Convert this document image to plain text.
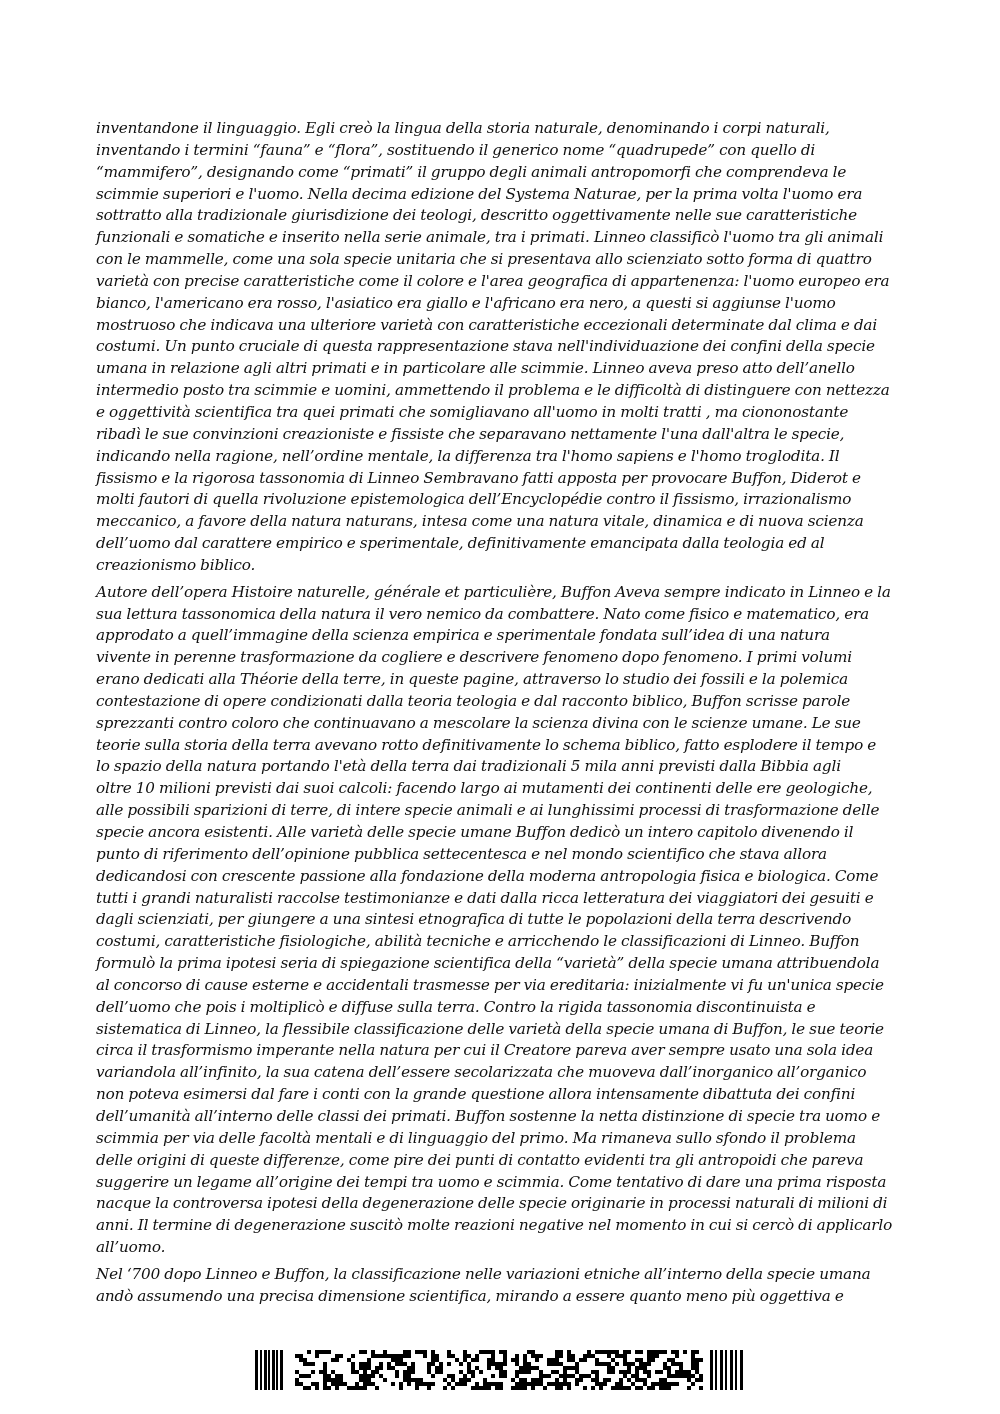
inventandone il linguaggio. Egli creò la lingua della storia naturale, denominando i corpi naturali,
inventando i termini “fauna” e “flora”, sostituendo il generico nome “quadrupede” con quello di
“mammifero”, designando come “primati” il gruppo degli animali antropomorfi che comprendeva le
scimmie superiori e l'uomo. Nella decima edizione del Systema Naturae, per la prima volta l'uomo era
sottratto alla tradizionale giurisdizione dei teologi, descritto oggettivamente nelle sue caratteristiche
funzionali e somatiche e inserito nella serie animale, tra i primati. Linneo classificò l'uomo tra gli animali
con le mammelle, come una sola specie unitaria che si presentava allo scienziato sotto forma di quattro
varietà con precise caratteristiche come il colore e l'area geografica di appartenenza: l'uomo europeo era
bianco, l'americano era rosso, l'asiatico era giallo e l'africano era nero, a questi si aggiunse l'uomo
mostruoso che indicava una ulteriore varietà con caratteristiche eccezionali determinate dal clima e dai
costumi. Un punto cruciale di questa rappresentazione stava nell'individuazione dei confini della specie
umana in relazione agli altri primati e in particolare alle scimmie. Linneo aveva preso atto dell’anello
intermedio posto tra scimmie e uomini, ammettendo il problema e le difficoltà di distinguere con nettezza
e oggettività scientifica tra quei primati che somigliavano all'uomo in molti tratti , ma ciononostante
ribadì le sue convinzioni creazioniste e fissiste che separavano nettamente l'una dall'altra le specie,
indicando nella ragione, nell’ordine mentale, la differenza tra l'homo sapiens e l'homo troglodita. Il
fissismo e la rigorosa tassonomia di Linneo Sembravano fatti apposta per provocare Buffon, Diderot e
molti fautori di quella rivoluzione epistemologica dell’Encyclopédie contro il fissismo, irrazionalismo
meccanico, a favore della natura naturans, intesa come una natura vitale, dinamica e di nuova scienza
dell’uomo dal carattere empirico e sperimentale, definitivamente emancipata dalla teologia ed al
creazionismo biblico.

Autore dell’opera Histoire naturelle, générale et particulière, Buffon Aveva sempre indicato in Linneo e la
sua lettura tassonomica della natura il vero nemico da combattere. Nato come fisico e matematico, era
approdato a quell’immagine della scienza empirica e sperimentale fondata sull’idea di una natura
vivente in perenne trasformazione da cogliere e descrivere fenomeno dopo fenomeno. I primi volumi
erano dedicati alla Théorie della terre, in queste pagine, attraverso lo studio dei fossili e la polemica
contestazione di opere condizionati dalla teoria teologia e dal racconto biblico, Buffon scrisse parole
sprezzanti contro coloro che continuavano a mescolare la scienza divina con le scienze umane. Le sue
teorie sulla storia della terra avevano rotto definitivamente lo schema biblico, fatto esplodere il tempo e
lo spazio della natura portando l'età della terra dai tradizionali 5 mila anni previsti dalla Bibbia agli
oltre 10 milioni previsti dai suoi calcoli: facendo largo ai mutamenti dei continenti delle ere geologiche,
alle possibili sparizioni di terre, di intere specie animali e ai lunghissimi processi di trasformazione delle
specie ancora esistenti. Alle varietà delle specie umane Buffon dedicò un intero capitolo divenendo il
punto di riferimento dell’opinione pubblica settecentesca e nel mondo scientifico che stava allora
dedicandosi con crescente passione alla fondazione della moderna antropologia fisica e biologica. Come
tutti i grandi naturalisti raccolse testimonianze e dati dalla ricca letteratura dei viaggiatori dei gesuiti e
dagli scienziati, per giungere a una sintesi etnografica di tutte le popolazioni della terra descrivendo
costumi, caratteristiche fisiologiche, abilità tecniche e arricchendo le classificazioni di Linneo. Buffon
formulò la prima ipotesi seria di spiegazione scientifica della “varietà” della specie umana attribuendola
al concorso di cause esterne e accidentali trasmesse per via ereditaria: inizialmente vi fu un'unica specie
dell’uomo che pois i moltiplicò e diffuse sulla terra. Contro la rigida tassonomia discontinuista e
sistematica di Linneo, la flessibile classificazione delle varietà della specie umana di Buffon, le sue teorie
circa il trasformismo imperante nella natura per cui il Creatore pareva aver sempre usato una sola idea
variandola all’infinito, la sua catena dell’essere secolarizzata che muoveva dall’inorganico all’organico
non poteva esimersi dal fare i conti con la grande questione allora intensamente dibattuta dei confini
dell’umanità all’interno delle classi dei primati. Buffon sostenne la netta distinzione di specie tra uomo e
scimmia per via delle facoltà mentali e di linguaggio del primo. Ma rimaneva sullo sfondo il problema
delle origini di queste differenze, come pire dei punti di contatto evidenti tra gli antropoidi che pareva
suggerire un legame all’origine dei tempi tra uomo e scimmia. Come tentativo di dare una prima risposta
nacque la controversa ipotesi della degenerazione delle specie originarie in processi naturali di milioni di
anni. Il termine di degenerazione suscitò molte reazioni negative nel momento in cui si cercò di applicarlo
all’uomo.

Nel ‘700 dopo Linneo e Buffon, la classificazione nelle variazioni etniche all’interno della specie umana
andò assumendo una precisa dimensione scientifica, mirando a essere quanto meno più oggettiva e
